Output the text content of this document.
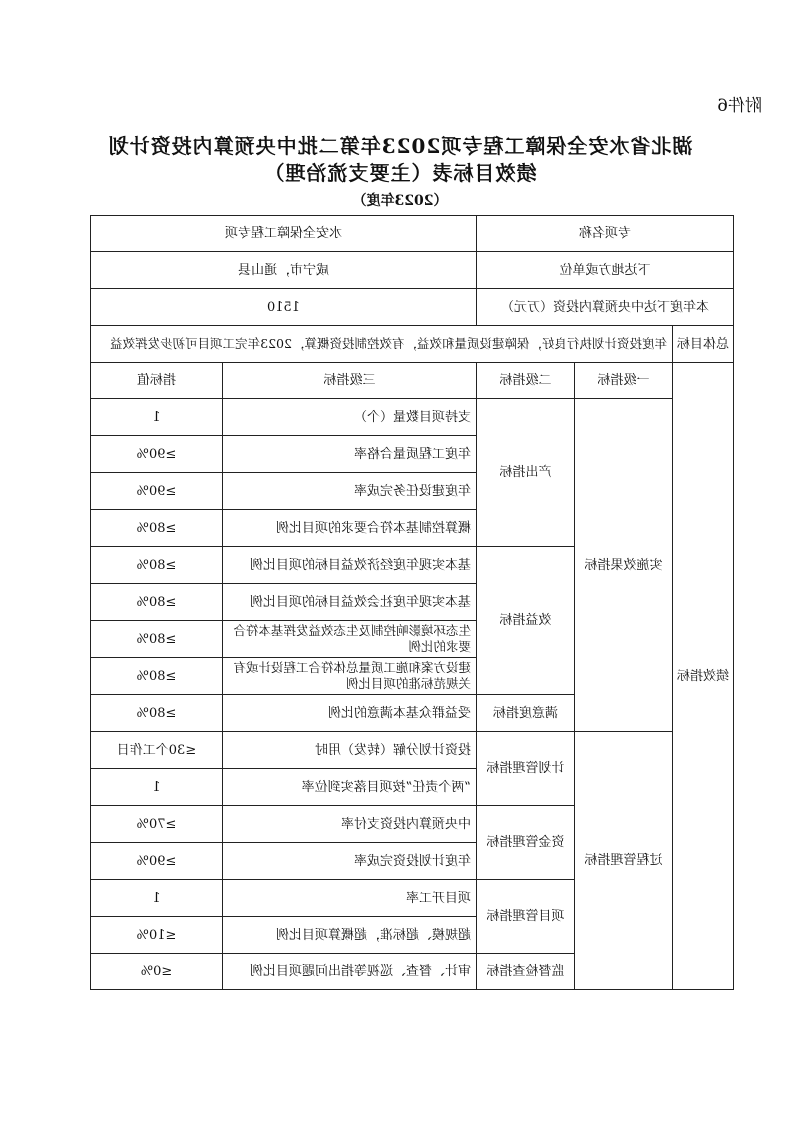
附件6
湖北省水安全保障工程专项2023年第二批中央预算内投资计划
绩效目标表（主要支流治理）
（2023年度）
专项名称			水安全保障工程专项	
下达地方或单位			咸宁市，通山县	
本年度下达中央预算内投资（万元）			1510	
总体目标	年度投资计划执行良好，保障建设质量和效益，有效控制投资概算，2023年完工项目可初步发挥效益			
绩效指标	一级指标	二级指标	三级指标	指标值
	实施效果指标	产出指标	支持项目数量（个）	1
			年度工程质量合格率	≥90%
			年度建设任务完成率	≥90%
			概算控制基本符合要求的项目比例	≥80%
		效益指标	基本实现年度经济效益目标的项目比例	≥80%
			基本实现年度社会效益目标的项目比例	≥80%
			生态环境影响控制及生态效益发挥基本符合要求的比例	≥80%
			建设方案和施工质量总体符合工程设计或有关规范标准的项目比例	≥80%
		满意度指标	受益群众基本满意的比例	≥80%
	过程管理指标	计划管理指标	投资计划分解（转发）用时	≤30个工作日
			“两个责任”按项目落实到位率	1
		资金管理指标	中央预算内投资支付率	≥70%
			年度计划投资完成率	≥90%
		项目管理指标	项目开工率	1
			超规模、超标准，超概算项目比例	≤10%
		监督检查指标	审计、督查、巡视等指出问题项目比例	≤0%
